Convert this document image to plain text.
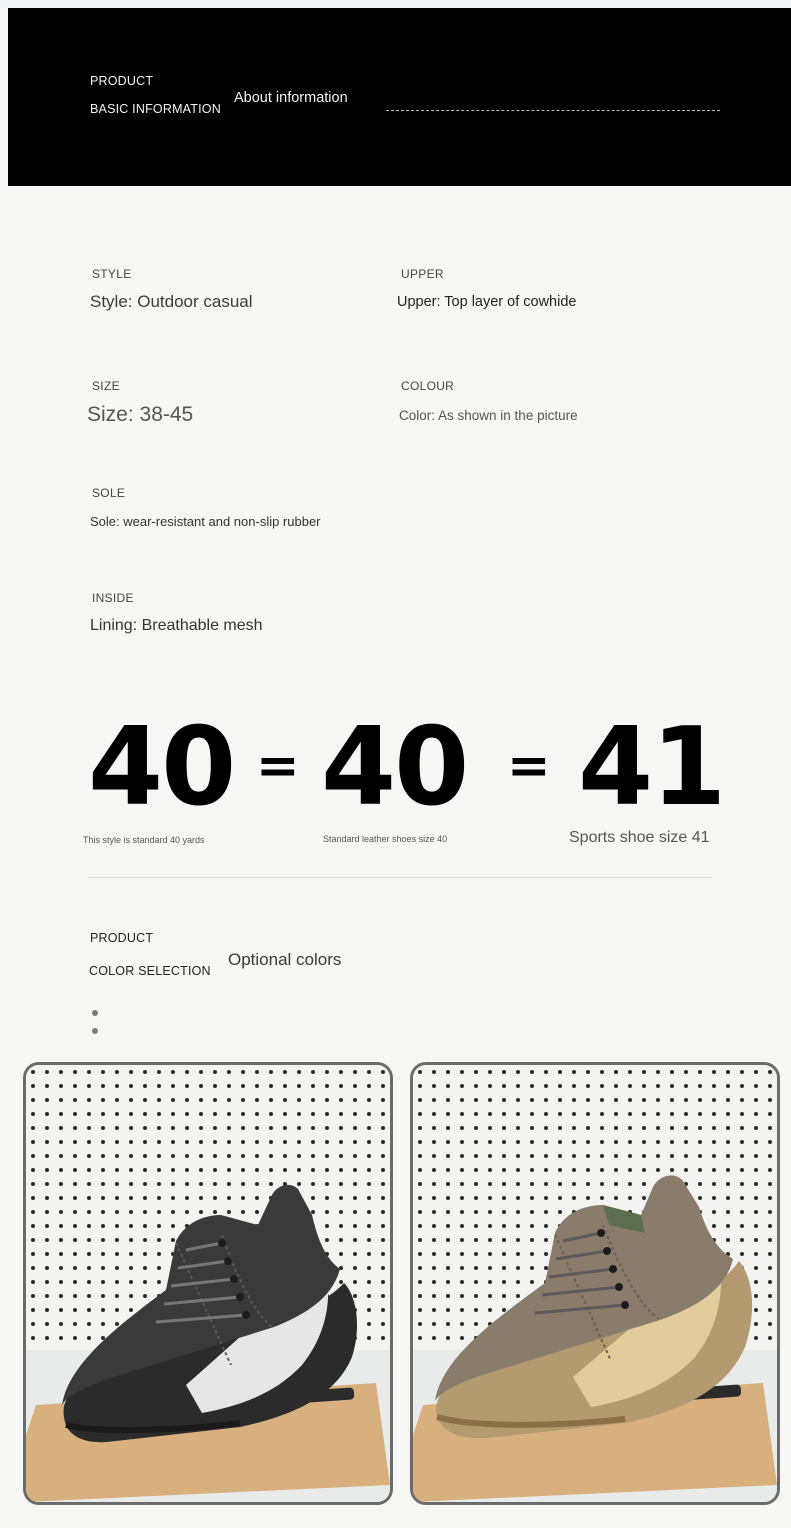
PRODUCT
BASIC INFORMATION
About information
STYLE
Style: Outdoor casual
UPPER
Upper: Top layer of cowhide
SIZE
Size: 38-45
COLOUR
Color: As shown in the picture
SOLE
Sole: wear-resistant and non-slip rubber
INSIDE
Lining: Breathable mesh
40 = 40 = 41
This style is standard 40 yards	Standard leather shoes size 40	Sports shoe size 41
PRODUCT
COLOR SELECTION
Optional colors
